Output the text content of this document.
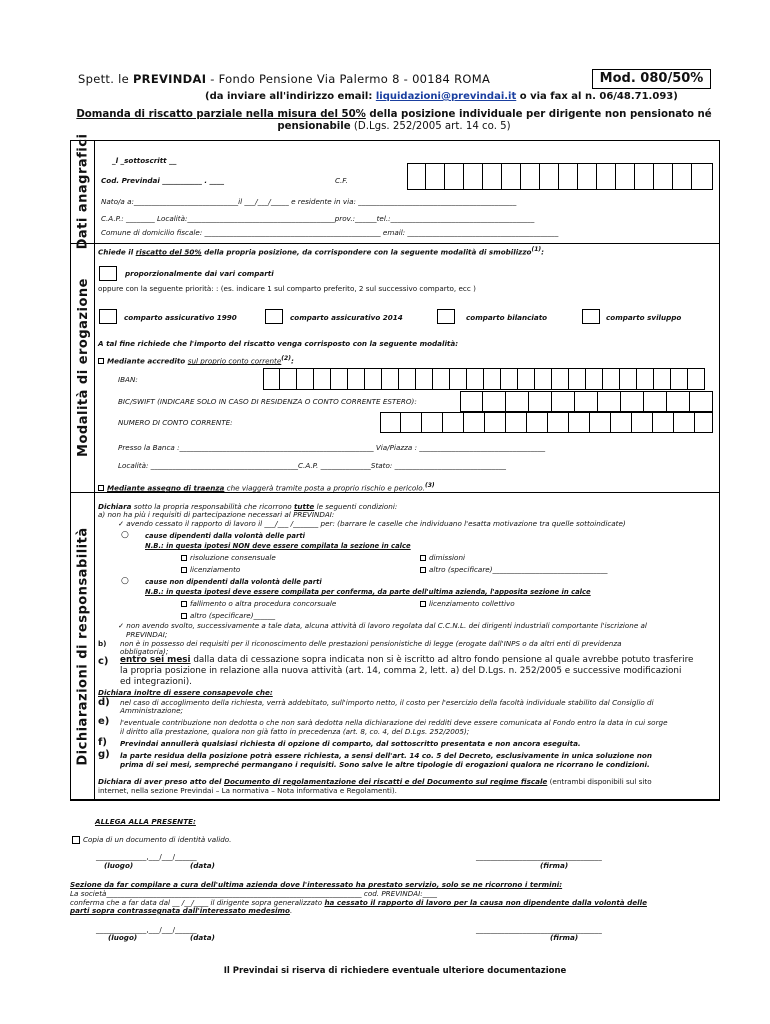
Spett. le PREVINDAI - Fondo Pensione Via Palermo 8 - 00184 ROMA	Mod. 080/50%
(da inviare all'indirizzo email: liquidazioni@previndai.it o via fax al n. 06/48.71.093)
Domanda di riscatto parziale nella misura del 50% della posizione individuale per dirigente non pensionato né
pensionabile (D.Lgs. 252/2005 art. 14 co. 5)
Dati anagrafici
Modalità di erogazione
Dichiarazioni di responsabilità
_l _sottoscritt __
Cod. Previndai ___________ . ____	C.F.
Nato/a a:_____________________________il ___/___/_____ e residente in via: ____________________________________________
C.A.P.: ________ Località:_________________________________________prov.:______tel.:________________________________________
Comune di domicilio fiscale: _________________________________________________ email: __________________________________________
Chiede il riscatto del 50% della propria posizione, da corrispondere con la seguente modalità di smobilizzo$^{(1)}$:
proporzionalmente dai vari comparti
oppure con la seguente priorità: : (es. indicare 1 sul comparto preferito, 2 sul successivo comparto, ecc )
comparto assicurativo 1990	comparto assicurativo 2014	comparto bilanciato	comparto sviluppo
A tal fine richiede che l'importo del riscatto venga corrisposto con la seguente modalità:
Mediante accredito sul proprio conto corrente$^{(2)}$:
IBAN:
BIC/SWIFT (INDICARE SOLO IN CASO DI RESIDENZA O CONTO CORRENTE ESTERO):
NUMERO DI CONTO CORRENTE:
Presso la Banca :______________________________________________________ Via/Piazza : ___________________________________
Località: _________________________________________C.A.P. ______________Stato: _______________________________
Mediante assegno di traenza che viaggerà tramite posta a proprio rischio e pericolo.$^{(3)}$
Dichiara sotto la propria responsabilità che ricorrono tutte le seguenti condizioni:
a) non ha più i requisiti di partecipazione necessari al PREVINDAI:
✓ avendo cessato il rapporto di lavoro il ___/___ /_______ per: (barrare le caselle che individuano l'esatta motivazione tra quelle sottoindicate)
○ cause dipendenti dalla volontà delle parti
N.B.: in questa ipotesi NON deve essere compilata la sezione in calce
risoluzione consensuale	dimissioni
licenziamento	altro (specificare)________________________________
○ cause non dipendenti dalla volontà delle parti
N.B.: in questa ipotesi deve essere compilata per conferma, da parte dell'ultima azienda, l'apposita sezione in calce
fallimento o altra procedura concorsuale	licenziamento collettivo
altro (specificare)______
✓ non avendo svolto, successivamente a tale data, alcuna attività di lavoro regolata dal C.C.N.L. dei dirigenti industriali comportante l'iscrizione al
PREVINDAI;
b) non è in possesso dei requisiti per il riconoscimento delle prestazioni pensionistiche di legge (erogate dall'INPS o da altri enti di previdenza
obbligatoria);
c) entro sei mesi dalla data di cessazione sopra indicata non si è iscritto ad altro fondo pensione al quale avrebbe potuto trasferire
la propria posizione in relazione alla nuova attività (art. 14, comma 2, lett. a) del D.Lgs. n. 252/2005 e successive modificazioni
ed integrazioni).
Dichiara inoltre di essere consapevole che:
d) nel caso di accoglimento della richiesta, verrà addebitato, sull'importo netto, il costo per l'esercizio della facoltà individuale stabilito dal Consiglio di
Amministrazione;
e) l'eventuale contribuzione non dedotta o che non sarà dedotta nella dichiarazione dei redditi deve essere comunicata al Fondo entro la data in cui sorge
il diritto alla prestazione, qualora non già fatto in precedenza (art. 8, co. 4, del D.Lgs. 252/2005);
f) Previndai annullerà qualsiasi richiesta di opzione di comparto, dal sottoscritto presentata e non ancora eseguita.
g) la parte residua della posizione potrà essere richiesta, a sensi dell'art. 14 co. 5 del Decreto, esclusivamente in unica soluzione non
prima di sei mesi, sempreché permangano i requisiti. Sono salve le altre tipologie di erogazioni qualora ne ricorrano le condizioni.
Dichiara di aver preso atto del Documento di regolamentazione dei riscatti e del Documento sul regime fiscale (entrambi disponibili sul sito
internet, nella sezione Previndai – La normativa – Nota informativa e Regolamenti).
ALLEGA ALLA PRESENTE:
Copia di un documento di identità valido.
______________,___/___/______
(luogo)	(data)
___________________________________
(firma)
Sezione da far compilare a cura dell'ultima azienda dove l'interessato ha prestato servizio, solo se ne ricorrono i termini:
La società_______________________________________________________________________ cod. PREVINDAI:____
conferma che a far data dal __ /__/____ il dirigente sopra generalizzato ha cessato il rapporto di lavoro per la causa non dipendente dalla volontà delle
parti sopra contrassegnata dall'interessato medesimo.
______________,___/___/______
(luogo)	(data)
___________________________________
(firma)
Il Previndai si riserva di richiedere eventuale ulteriore documentazione
